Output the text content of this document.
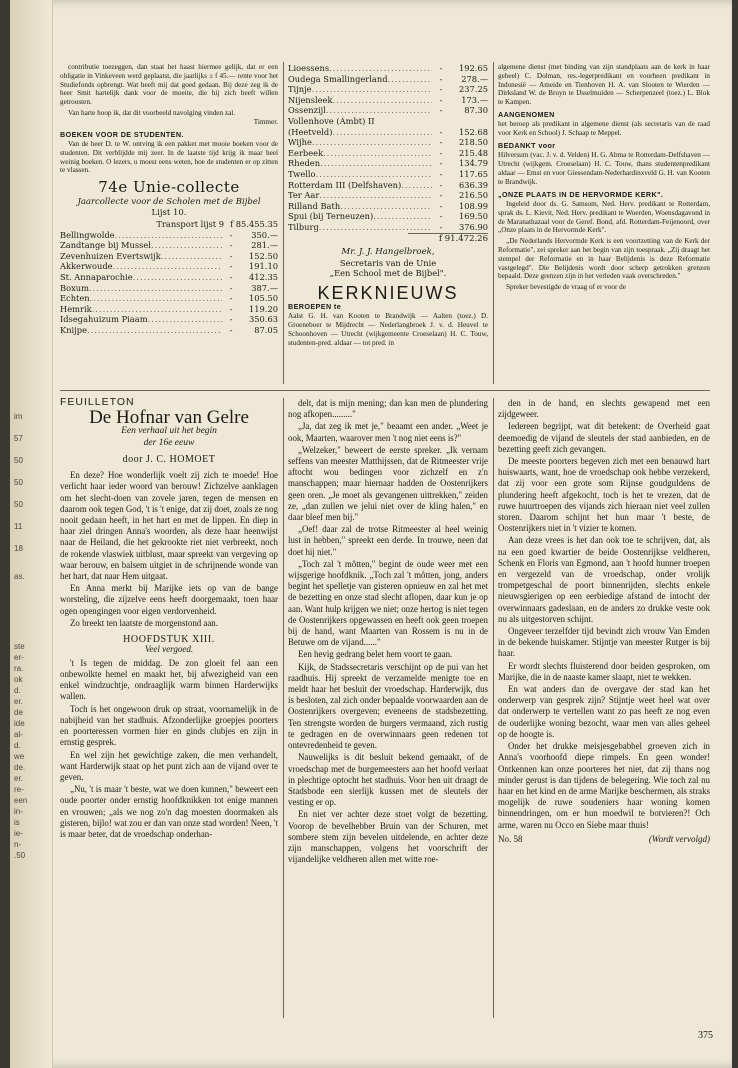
im
57
50
50
50
11
18
as.
ste
er-
ra.
ok
d.
er.
de
ide
al-
d.
we
de.
er.
re-
een
in-
is
ie-
n-
.50

contributie toezeggen, dan staat het haast hiermee gelijk, dat er een obligatie in Vinkeveen werd geplaatst, die jaarlijks ± f 45.— rente voor het Studiefonds opbrengt. Wat heeft mij dat goed gedaan. Bij deze zeg ik de heer Smit hartelijk dank voor de moeite, die hij zich heeft willen getroosten.

Van harte hoop ik, dat dit voorbeeld navolging vinden zal.
Timmer.
BOEKEN VOOR DE STUDENTEN.
Van de heer D. te W. ontving ik een pakket met mooie boeken voor de studenten. Dit verblijdde mij zeer. In de laatste tijd krijg ik maar heel weinig boeken. O lezers, u moest eens weten, hoe de studenten er op zitten te vlassen.
74e Unie-collecte
Jaarcollecte voor de Scholen met de Bijbel
Lijst 10.
Transport lijst 9 f 85.455.35
Bellingwolde .....	-	350.—
Zandtange bij Mussel .....	-	281.—
Zevenhuizen Evertswijk .....	-	152.50
Akkerwoude .....	-	191.10
St. Annaparochie .....	-	412.35
Boxum .....	-	387.—
Echten .....	-	105.50
Hemrik .....	-	119.20
Idsegahuizum Piaam .....	-	350.63
Knijpe .....	-	87.05
Lioessens .....	-	192.65
Oudega Smallingerland .....	-	278.—
Tijnje .....	-	237.25
Nijensleek .....	-	173.—
Ossenzijl .....	-	87.30
Vollenhove (Ambt) II
(Heetveld) .....	-	152.68
Wijhe .....	-	218.50
Eerbeek .....	-	215.48
Rheden .....	-	134.79
Twello .....	-	117.65
Rotterdam III (Delfshaven) .....	-	636.39
Ter Aar .....	-	216.50
Rilland Bath .....	-	108.99
Spui (bij Terneuzen) .....	-	169.50
Tilburg .....	-	376.90
f 91.472.26
Mr. J. J. Hangelbroek,
Secretaris van de Unie
„Een School met de Bijbel".
KERKNIEUWS
BEROEPEN te
Aalst G. H. van Kooten te Brandwijk — Aalten (toez.) D. Groeneboer te Mijdrecht — Nederlangbroek J. v. d. Heuvel te Schoonhoven — Utrecht (wijkgemeente Croeselaan) H. C. Touw, studenten-pred. aldaar — tot pred. in
algemene dienst (met binding van zijn standplaats aan de kerk in haar geheel) C. Dolman, res.-legerpredikant en voorheen predikant in Indonesië — Ameide en Tienhoven H. A. van Slooten te Wierden — Dirksland W. de Bruyn te IJsselmuiden — Scherpenzeel (toez.) L. Blok te Kampen.
AANGENOMEN
het beroep als predikant in algemene dienst (als secretaris van de raad voor Kerk en School) J. Schaap te Meppel.
BEDANKT voor
Hilversum (vac. J. v. d. Velden) H. G. Abma te Rotterdam-Delfshaven — Utrecht (wijkgem. Croeselaan) H. C. Touw, thans studentenpredikant aldaar — Emst en voor Giessendam-Nederhardinxveld G. H. van Kooten te Brandwijk.
„ONZE PLAATS IN DE HERVORMDE KERK".

Ingeleid door ds. G. Samsom, Ned. Herv. predikant te Rotterdam, sprak ds. L. Kievit, Ned. Herv. predikant te Woerden, Woensdagavond in de Maranathazaal voor de Geref. Bond, afd. Rotterdam-Feijenoord, over „Onze plaats in de Hervormde Kerk".

„De Nederlands Hervormde Kerk is een voortzetting van de Kerk der Reformatie", zei spreker aan het begin van zijn toespraak. „Zij draagt het stempel der Reformatie en in haar Belijdenis is deze Reformatie vastgelegd". Die Belijdenis wordt door scherp getrokken grenzen bepaald. Deze grenzen zijn in het verleden vaak overschreden."

Spreker bevestigde de vraag of er voor de

FEUILLETON
De Hofnar van Gelre
Een verhaal uit het begin
der 16e eeuw
door J. C. HOMOET

En deze? Hoe wonderlijk voelt zij zich te moede! Hoe verlicht haar ieder woord van berouw! Zichzelve aanklagen om het slecht-doen van zovele jaren, tegen de mensen en daarom ook tegen God, 't is 't enige, dat zij doet, zoals ze nog nooit gedaan heeft, in het hart en met de lippen. En diep in haar ziel dringen Anna's woorden, als deze haar heenwijst naar de Heiland, die het gekrookte riet niet verbreekt, noch de rokende vlaswiek uitblust, maar spreekt van vergeving op waar berouw, en balsem uitgiet in de schrijnende wonde van het hart, dat naar Hem uitgaat.

En Anna merkt bij Marijke iets op van de bange worsteling, die zijzelve eens heeft doorgemaakt, toen haar ogen opengingen voor eigen verdorvenheid.

Zo breekt ten laatste de morgenstond aan.

HOOFDSTUK XIII.
Veel vergoed.

't Is tegen de middag. De zon gloeit fel aan een onbewolkte hemel en maakt het, bij afwezigheid van een enkel windzuchtje, ondraaglijk warm binnen Harderwijks wallen.

Toch is het ongewoon druk op straat, voornamelijk in de nabijheid van het stadhuis. Afzonderlijke groepjes poorters en poorteressen vormen hier en ginds clubjes en zijn in ernstig gesprek.

En wel zijn het gewichtige zaken, die men verhandelt, want Harderwijk staat op het punt zich aan de vijand over te geven.

„Nu, 't is maar 't beste, wat we doen kunnen," beweert een oude poorter onder ernstig hoofdknikken tot enige mannen en vrouwen; „als we nog zo'n dag moesten doormaken als gisteren, bijlo! wat zou er dan van onze stad worden! Neen, 't is maar beter, dat de vroedschap onderhan-

delt, dat is mijn mening; dan kan men de plundering nog afkopen........."

„Ja, dat zeg ik met je," beaamt een ander. „Weet je ook, Maarten, waarover men 't nog niet eens is?"

„Welzeker," beweert de eerste spreker. „Ik vernam seffens van meester Matthijssen, dat de Ritmeester vrije aftocht wou bedingen voor zichzelf en z'n manschappen; maar hiernaar hadden de Oostenrijkers geen oren. „Je moet als gevangenen uittrekken," zeiden ze, „dan zullen we jelui niet over de kling halen," en daar bleef men bij."

„Oef! daar zal de trotse Ritmeester al heel weinig lust in hebben," spreekt een derde. In trouwe, neen dat doet hij niet."

„Toch zal 't môtten," begint de oude weer met een wijsgerige hoofdknik. „Toch zal 't môtten, jong, anders begint het spelletje van gisteren opnieuw en zal het met de bezetting en onze stad slecht aflopen, daar kun je op aan. Want hulp krijgen we niet; onze hertog is niet tegen de Oostenrijkers opgewassen en heeft ook geen troepen bij de hand, want Maarten van Rossem is nu in de Betuwe om de vijand......"

Een hevig gedrang belet hem voort te gaan.

Kijk, de Stadssecretaris verschijnt op de pui van het raadhuis. Hij spreekt de verzamelde menigte toe en meldt haar het besluit der vroedschap. Harderwijk, dus is besloten, zal zich onder bepaalde voorwaarden aan de Oostenrijkers overgeven; eveneens de stadsbezetting. Ten strengste worden de burgers vermaand, zich rustig te gedragen en de overwinnaars geen redenen tot ontevredenheid te geven.

Nauwelijks is dit besluit bekend gemaakt, of de vroedschap met de burgemeesters aan het hoofd verlaat in plechtige optocht het stadhuis. Voor hen uit draagt de Stadsbode een sierlijk kussen met de sleutels der vesting er op.

En niet ver achter deze stoet volgt de bezetting. Voorop de bevelhebber Bruin van der Schuren, met sombere stem zijn bevelen uitdelende, en achter deze zijn manschappen, volgens het voorschrift der vijandelijke veldheren allen met witte roe-

den in de hand, en slechts gewapend met een zijdgeweer.

Iedereen begrijpt, wat dit betekent: de Overheid gaat deemoedig de vijand de sleutels der stad aanbieden, en de bezetting geeft zich gevangen.

De meeste poorters begeven zich met een benauwd hart huiswaarts, want, hoe de vroedschap ook hebbe verzekerd, dat zij voor een grote som Rijnse goudguldens de plundering heeft afgekocht, toch is het te vrezen, dat de ruwe huurtroepen des vijands zich hieraan niet veel zullen storen. Daarom schijnt het hun maar 't beste, de Oostenrijkers niet in 't vizier te komen.

Aan deze vrees is het dan ook toe te schrijven, dat, als na een goed kwartier de beide Oostenrijkse veldheren, Schenk en Floris van Egmond, aan 't hoofd hunner troepen en vergezeld van de vroedschap, onder vrolijk trompetgeschal de poort binnenrijden, slechts enkele nieuwsgierigen op een eerbiedige afstand de intocht der overwinnaars gadeslaan, en de anders zo drukke veste ook nu als uitgestorven schijnt.

Ongeveer terzelfder tijd bevindt zich vrouw Van Emden in de bekende huiskamer. Stijntje van meester Rutger is bij haar.

Er wordt slechts fluisterend door beiden gesproken, om Marijke, die in de naaste kamer slaapt, niet te wekken.

En wat anders dan de overgave der stad kan het onderwerp van gesprek zijn? Stijntje weet heel wat over dat onderwerp te vertellen want zo pas heeft ze nog even de ouderlijke woning bezocht, waar men van alles geheel op de hoogte is.

Onder het drukke meisjesgebabbel groeven zich in Anna's voorhoofd diepe rimpels. En geen wonder! Ontkennen kan onze poorteres het niet, dat zij thans nog minder gerust is dan tijdens de belegering. Wie toch zal nu haar en het kind en de arme Marijke beschermen, als straks mogelijk de ruwe soudeniers haar woning komen binnendringen, om er hun moedwil te botvieren?! Och arme, waren nu Occo en Siebe maar thuis!

No. 58	(Wordt vervolgd)
375
